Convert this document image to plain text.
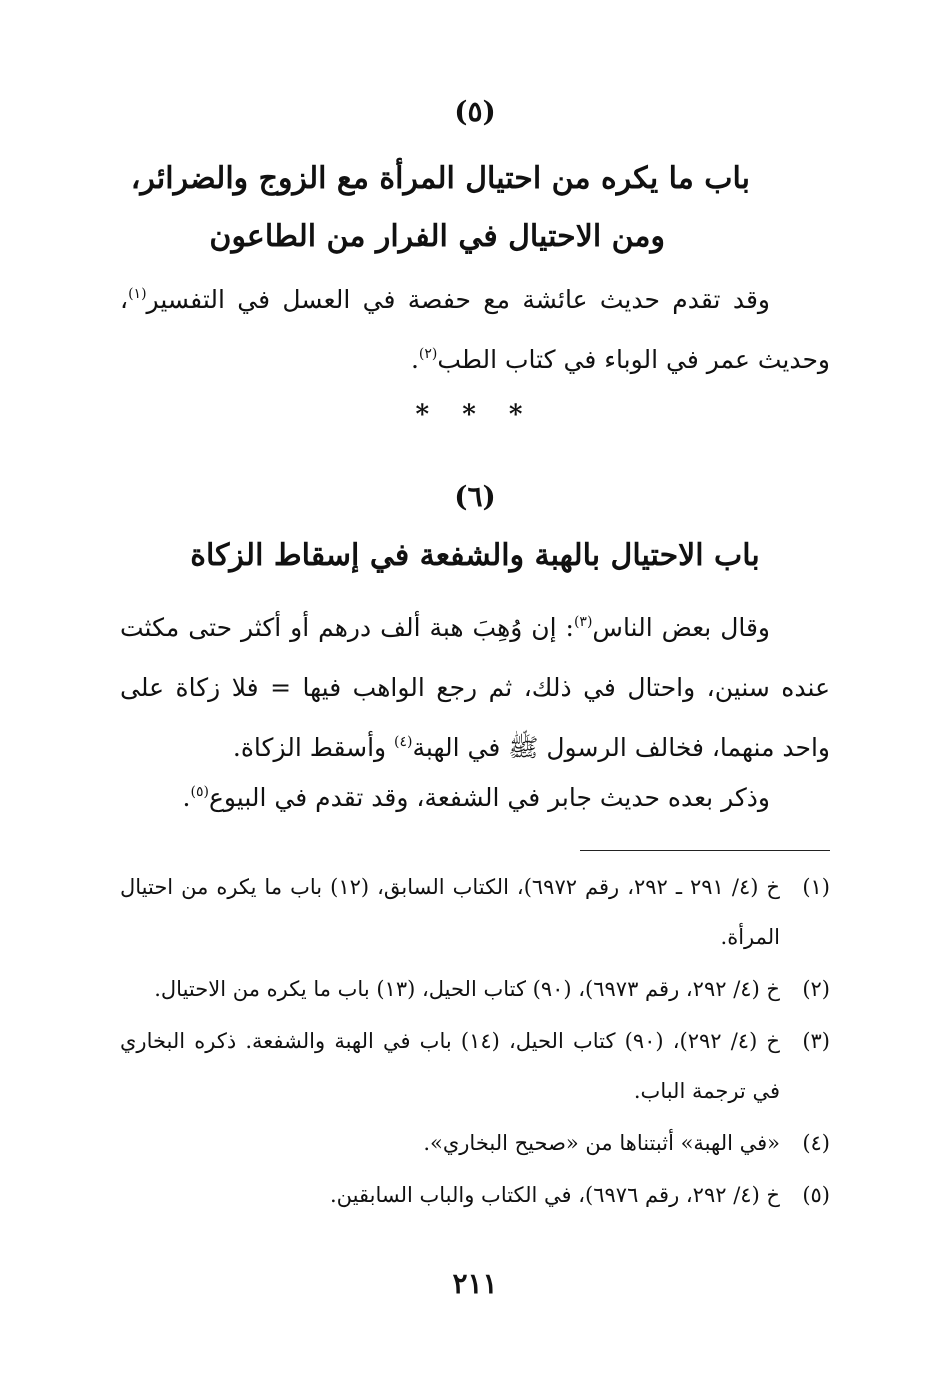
(٥)
باب ما يكره من احتيال المرأة مع الزوج والضرائر،
ومن الاحتيال في الفرار من الطاعون
وقد تقدم حديث عائشة مع حفصة في العسل في التفسير$^{(١)}$، وحديث عمر في الوباء في كتاب الطب$^{(٢)}$.
* * *
(٦)
باب الاحتيال بالهبة والشفعة في إسقاط الزكاة
وقال بعض الناس$^{(٣)}$: إن وُهِبَ هبة ألف درهم أو أكثر حتى مكثت عنده سنين، واحتال في ذلك، ثم رجع الواهب فيها = فلا زكاة على واحد منهما، فخالف الرسول ﷺ في الهبة$^{(٤)}$ وأسقط الزكاة.
وذكر بعده حديث جابر في الشفعة، وقد تقدم في البيوع$^{(٥)}$.
(١)
خ (٤/ ٢٩١ ـ ٢٩٢، رقم ٦٩٧٢)، الكتاب السابق، (١٢) باب ما يكره من احتيال المرأة.
(٢)
خ (٤/ ٢٩٢، رقم ٦٩٧٣)، (٩٠) كتاب الحيل، (١٣) باب ما يكره من الاحتيال.
(٣)
خ (٤/ ٢٩٢)، (٩٠) كتاب الحيل، (١٤) باب في الهبة والشفعة. ذكره البخاري في ترجمة الباب.
(٤)
«في الهبة» أثبتناها من «صحيح البخاري».
(٥)
خ (٤/ ٢٩٢، رقم ٦٩٧٦)، في الكتاب والباب السابقين.
٢١١
